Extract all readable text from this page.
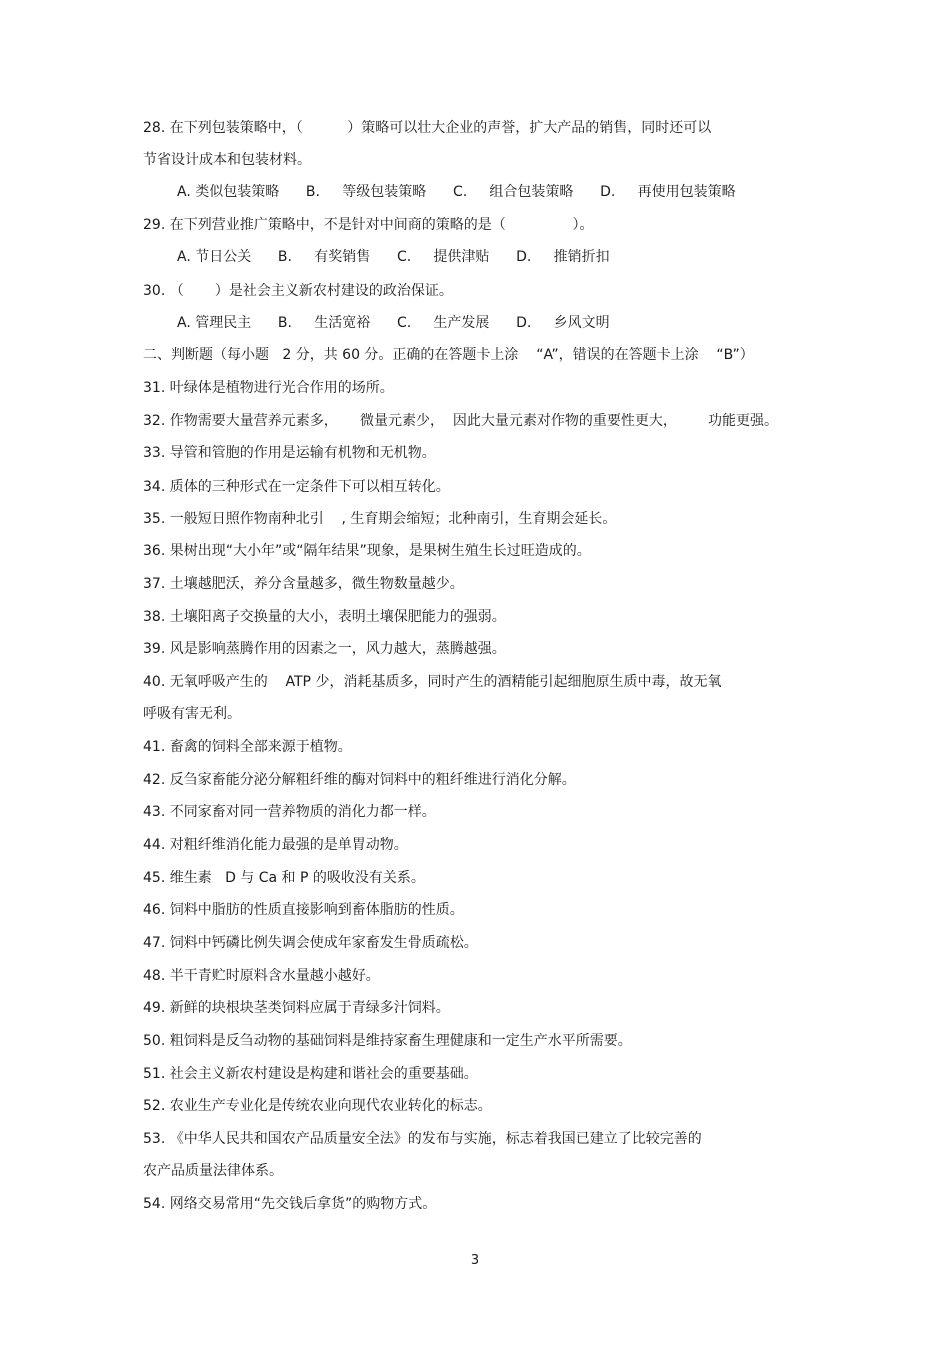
28. 在下列包装策略中，（          ）策略可以壮大企业的声誉，扩大产品的销售，同时还可以
节省设计成本和包装材料。
A. 类似包装策略      B.     等级包装策略      C.     组合包装策略      D.     再使用包装策略
29. 在下列营业推广策略中，不是针对中间商的策略的是（               ）。
A. 节日公关      B.     有奖销售      C.     提供津贴      D.     推销折扣
30. （       ）是社会主义新农村建设的政治保证。
A. 管理民主      B.     生活宽裕      C.     生产发展      D.     乡风文明
二、判断题（每小题   2 分，共 60 分。正确的在答题卡上涂    “A”，错误的在答题卡上涂    “B”）
31. 叶绿体是植物进行光合作用的场所。
32. 作物需要大量营养元素多，     微量元素少，  因此大量元素对作物的重要性更大，       功能更强。
33. 导管和管胞的作用是运输有机物和无机物。
34. 质体的三种形式在一定条件下可以相互转化。
35. 一般短日照作物南种北引    , 生育期会缩短；北种南引，生育期会延长。
36. 果树出现“大小年”或“隔年结果”现象，是果树生殖生长过旺造成的。
37. 土壤越肥沃，养分含量越多，微生物数量越少。
38. 土壤阳离子交换量的大小，表明土壤保肥能力的强弱。
39. 风是影响蒸腾作用的因素之一，风力越大，蒸腾越强。
40. 无氧呼吸产生的    ATP 少，消耗基质多，同时产生的酒精能引起细胞原生质中毒，故无氧
呼吸有害无利。
41. 畜禽的饲料全部来源于植物。
42. 反刍家畜能分泌分解粗纤维的酶对饲料中的粗纤维进行消化分解。
43. 不同家畜对同一营养物质的消化力都一样。
44. 对粗纤维消化能力最强的是单胃动物。
45. 维生素   D 与 Ca 和 P 的吸收没有关系。
46. 饲料中脂肪的性质直接影响到畜体脂肪的性质。
47. 饲料中钙磷比例失调会使成年家畜发生骨质疏松。
48. 半干青贮时原料含水量越小越好。
49. 新鲜的块根块茎类饲料应属于青绿多汁饲料。
50. 粗饲料是反刍动物的基础饲料是维持家畜生理健康和一定生产水平所需要。
51. 社会主义新农村建设是构建和谐社会的重要基础。
52. 农业生产专业化是传统农业向现代农业转化的标志。
53. 《中华人民共和国农产品质量安全法》的发布与实施，标志着我国已建立了比较完善的
农产品质量法律体系。
54. 网络交易常用“先交钱后拿货”的购物方式。
3
